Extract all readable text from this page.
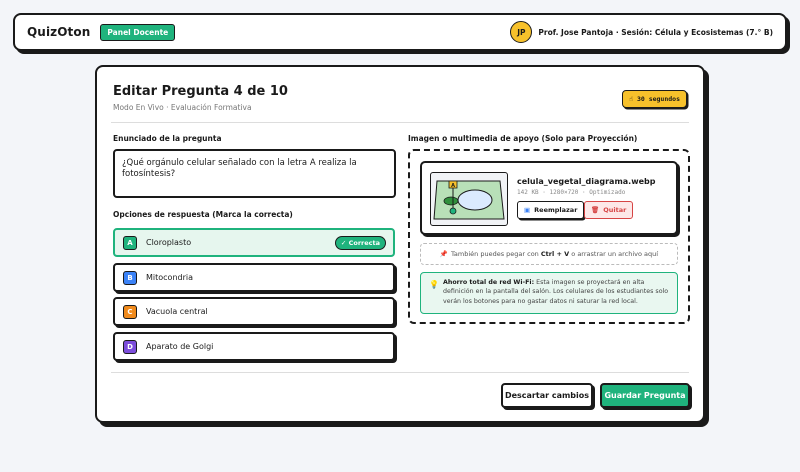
QuizOton	Panel Docente	JP	Prof. Jose Pantoja · Sesión: Célula y Ecosistemas (7.° B)
Editar Pregunta 4 de 10
Modo En Vivo · Evaluación Formativa
☝ 30 segundos
Enunciado de la pregunta
¿Qué orgánulo celular señalado con la letra A realiza la fotosíntesis?
Opciones de respuesta (Marca la correcta)
A	Cloroplasto	✓ Correcta
B	Mitocondria
C	Vacuola central
D	Aparato de Golgi
Imagen o multimedia de apoyo (Solo para Proyección)
A	celula_vegetal_diagrama.webp
142 KB · 1280×720 · Optimizado
▣ Reemplazar 🗑 Quitar
📌 También puedes pegar con
Ctrl + V
o arrastrar un archivo aquí
💡 Ahorro total de red Wi-Fi: Esta imagen se proyectará en alta definición en la pantalla del salón. Los celulares de los estudiantes solo verán los botones para no gastar datos ni saturar la red local.
Descartar cambios	Guardar Pregunta
